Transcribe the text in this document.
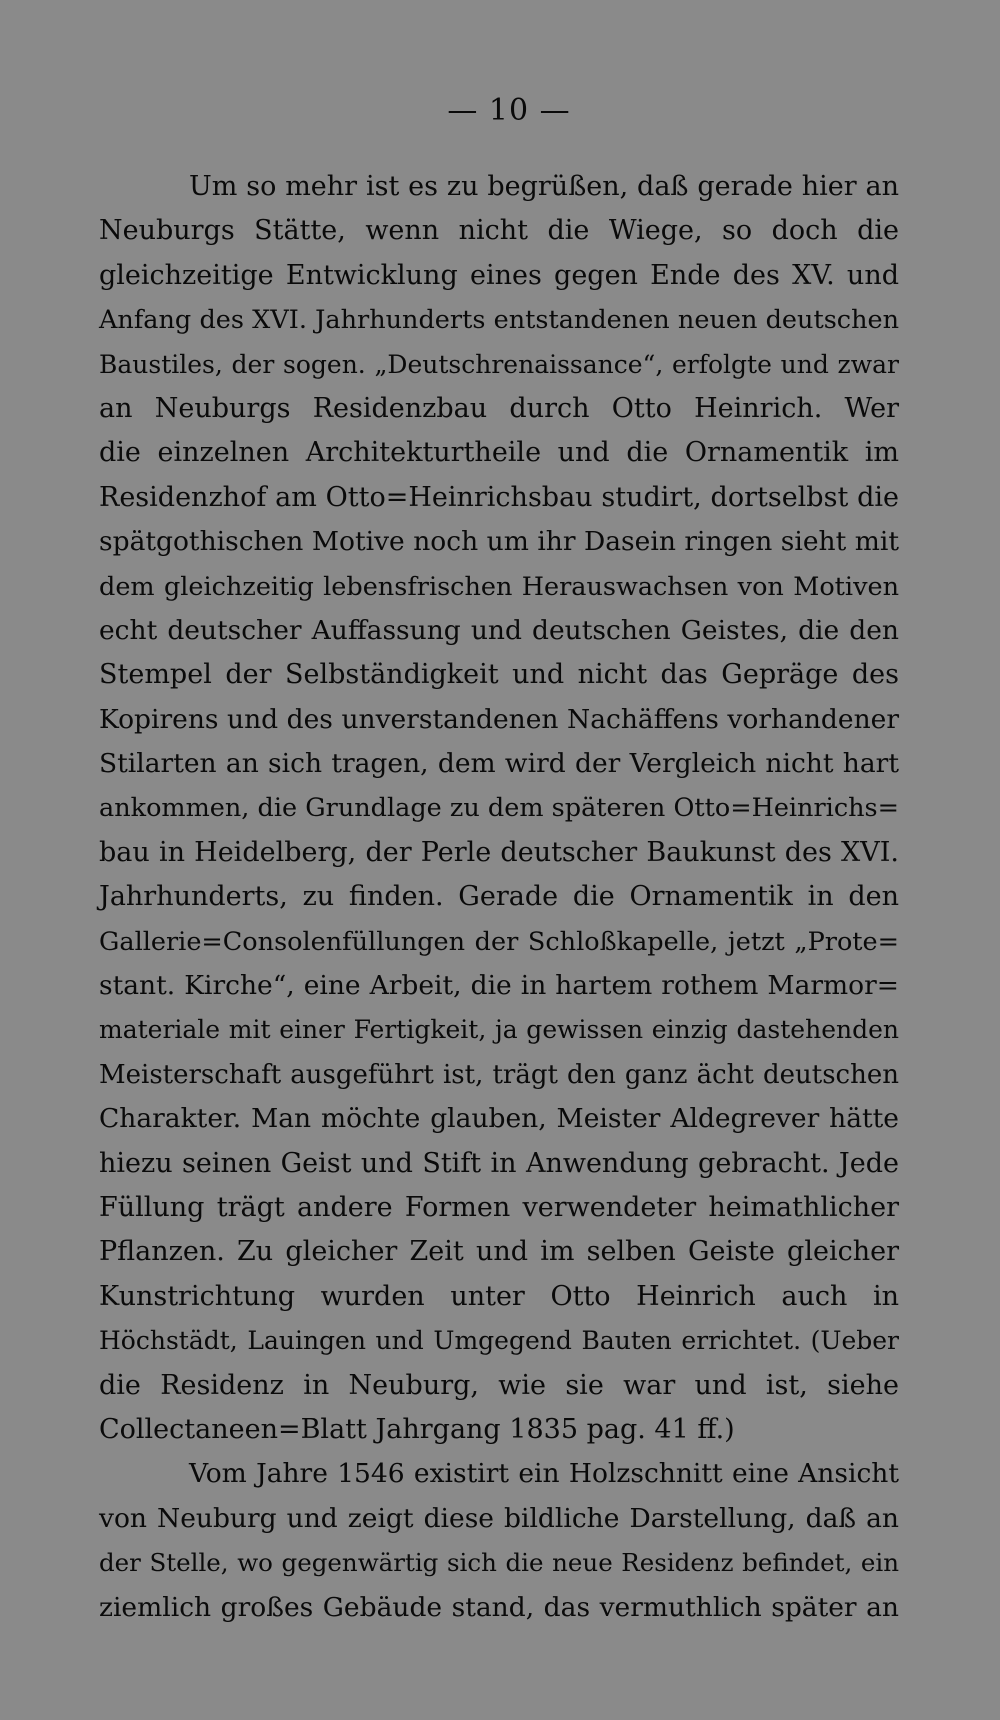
— 10 —
Um so mehr ist es zu begrüßen, daß gerade hier an
Neuburgs Stätte, wenn nicht die Wiege, so doch die
gleichzeitige Entwicklung eines gegen Ende des XV. und
Anfang des XVI. Jahrhunderts entstandenen neuen deutschen
Baustiles, der sogen. „Deutschrenaissance“, erfolgte und zwar
an Neuburgs Residenzbau durch Otto Heinrich. Wer
die einzelnen Architekturtheile und die Ornamentik im
Residenzhof am Otto=Heinrichsbau studirt, dortselbst die
spätgothischen Motive noch um ihr Dasein ringen sieht mit
dem gleichzeitig lebensfrischen Herauswachsen von Motiven
echt deutscher Auffassung und deutschen Geistes, die den
Stempel der Selbständigkeit und nicht das Gepräge des
Kopirens und des unverstandenen Nachäffens vorhandener
Stilarten an sich tragen, dem wird der Vergleich nicht hart
ankommen, die Grundlage zu dem späteren Otto=Heinrichs=
bau in Heidelberg, der Perle deutscher Baukunst des XVI.
Jahrhunderts, zu finden. Gerade die Ornamentik in den
Gallerie=Consolenfüllungen der Schloßkapelle, jetzt „Prote=
stant. Kirche“, eine Arbeit, die in hartem rothem Marmor=
materiale mit einer Fertigkeit, ja gewissen einzig dastehenden
Meisterschaft ausgeführt ist, trägt den ganz ächt deutschen
Charakter. Man möchte glauben, Meister Aldegrever hätte
hiezu seinen Geist und Stift in Anwendung gebracht. Jede
Füllung trägt andere Formen verwendeter heimathlicher
Pflanzen. Zu gleicher Zeit und im selben Geiste gleicher
Kunstrichtung wurden unter Otto Heinrich auch in
Höchstädt, Lauingen und Umgegend Bauten errichtet. (Ueber
die Residenz in Neuburg, wie sie war und ist, siehe
Collectaneen=Blatt Jahrgang 1835 pag. 41 ff.)
Vom Jahre 1546 existirt ein Holzschnitt eine Ansicht
von Neuburg und zeigt diese bildliche Darstellung, daß an
der Stelle, wo gegenwärtig sich die neue Residenz befindet, ein
ziemlich großes Gebäude stand, das vermuthlich später an
